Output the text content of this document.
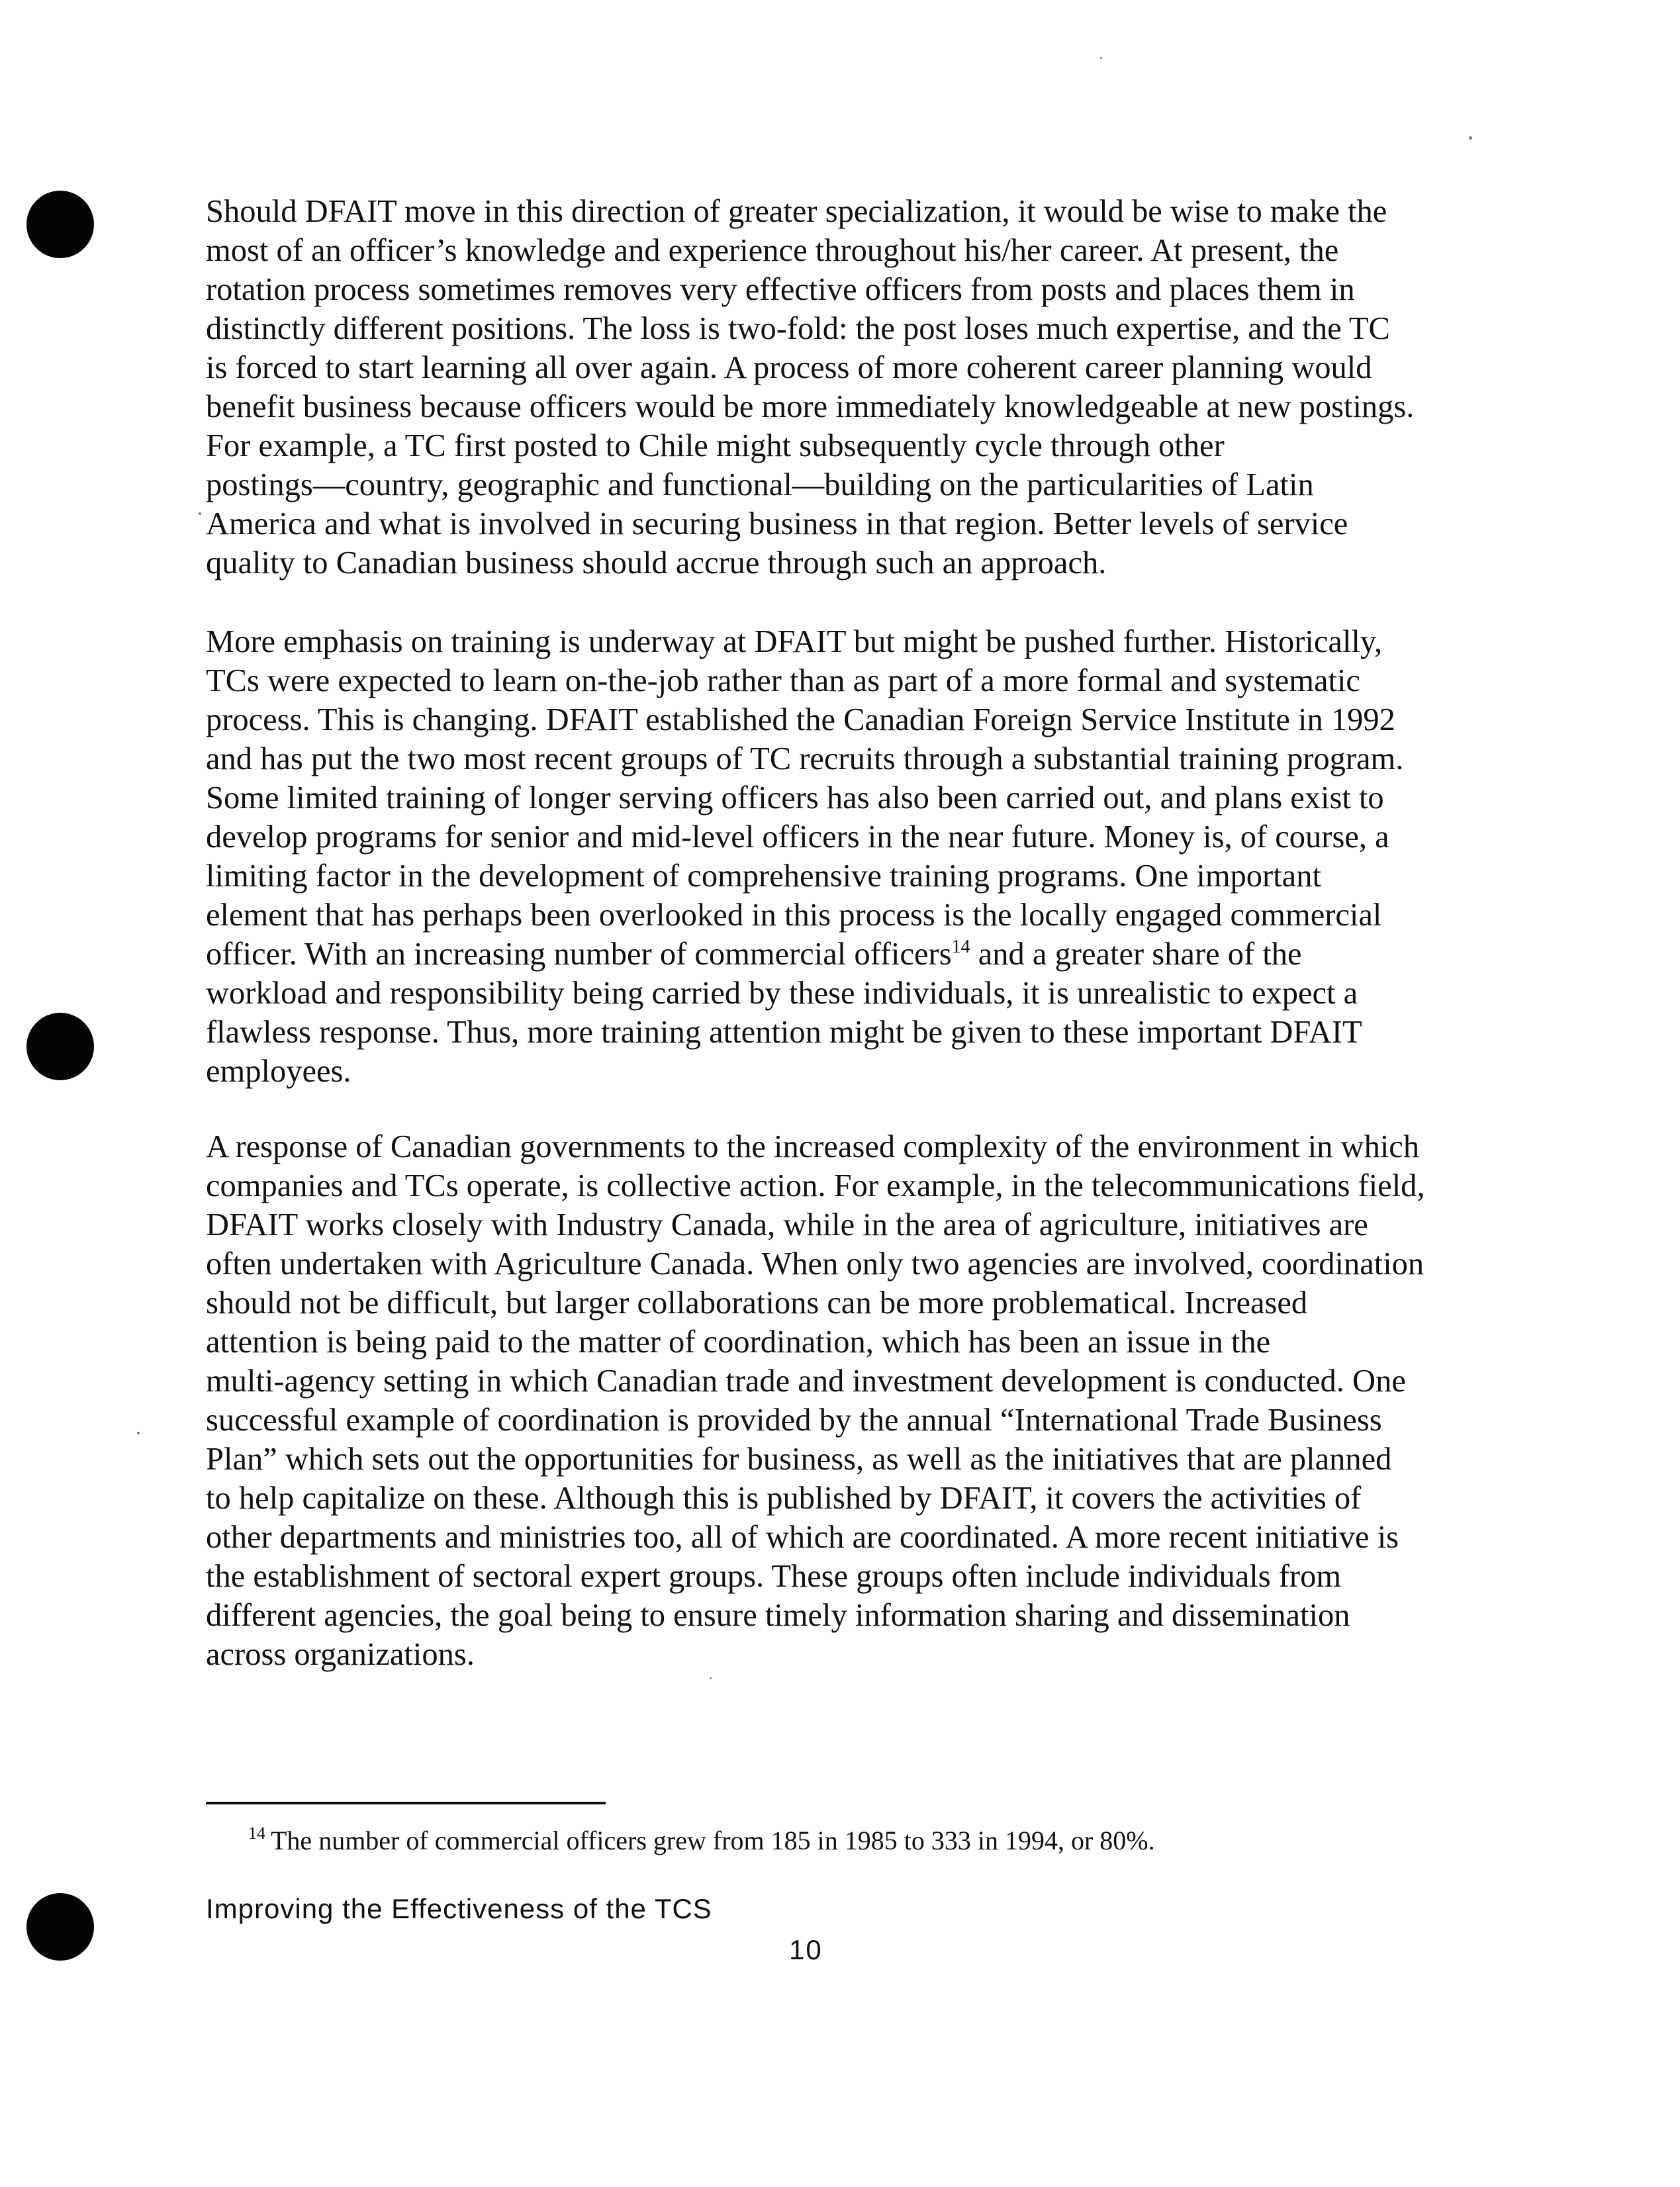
Should DFAIT move in this direction of greater specialization, it would be wise to make the
most of an officer’s knowledge and experience throughout his/her career. At present, the
rotation process sometimes removes very effective officers from posts and places them in
distinctly different positions. The loss is two-fold: the post loses much expertise, and the TC
is forced to start learning all over again. A process of more coherent career planning would
benefit business because officers would be more immediately knowledgeable at new postings.
For example, a TC first posted to Chile might subsequently cycle through other
postings—country, geographic and functional—building on the particularities of Latin
America and what is involved in securing business in that region. Better levels of service
quality to Canadian business should accrue through such an approach.
More emphasis on training is underway at DFAIT but might be pushed further. Historically,
TCs were expected to learn on-the-job rather than as part of a more formal and systematic
process. This is changing. DFAIT established the Canadian Foreign Service Institute in 1992
and has put the two most recent groups of TC recruits through a substantial training program.
Some limited training of longer serving officers has also been carried out, and plans exist to
develop programs for senior and mid-level officers in the near future. Money is, of course, a
limiting factor in the development of comprehensive training programs. One important
element that has perhaps been overlooked in this process is the locally engaged commercial
officer. With an increasing number of commercial officers$^{14}$ and a greater share of the
workload and responsibility being carried by these individuals, it is unrealistic to expect a
flawless response. Thus, more training attention might be given to these important DFAIT
employees.
A response of Canadian governments to the increased complexity of the environment in which
companies and TCs operate, is collective action. For example, in the telecommunications field,
DFAIT works closely with Industry Canada, while in the area of agriculture, initiatives are
often undertaken with Agriculture Canada. When only two agencies are involved, coordination
should not be difficult, but larger collaborations can be more problematical. Increased
attention is being paid to the matter of coordination, which has been an issue in the
multi-agency setting in which Canadian trade and investment development is conducted. One
successful example of coordination is provided by the annual “International Trade Business
Plan” which sets out the opportunities for business, as well as the initiatives that are planned
to help capitalize on these. Although this is published by DFAIT, it covers the activities of
other departments and ministries too, all of which are coordinated. A more recent initiative is
the establishment of sectoral expert groups. These groups often include individuals from
different agencies, the goal being to ensure timely information sharing and dissemination
across organizations.
$^{14}$ The number of commercial officers grew from 185 in 1985 to 333 in 1994, or 80%.
Improving the Effectiveness of the TCS
10
